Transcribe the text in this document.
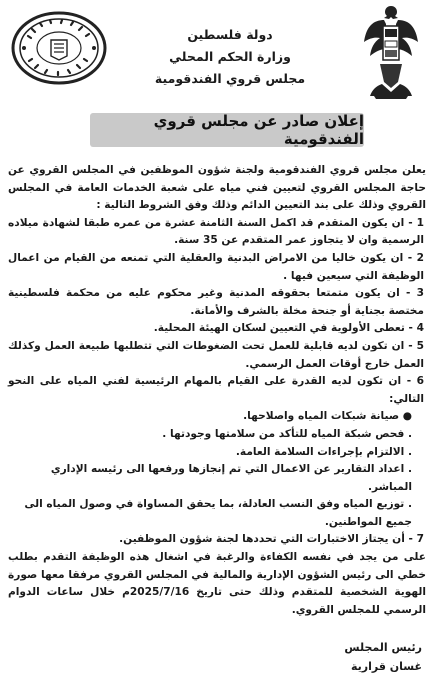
دولة فلسطين
وزارة الحكم المحلي
مجلس قروي الفندقومية
إعلان صادر عن مجلس قروي الفندقومية
يعلن مجلس قروي الفندقومية ولجنة شؤون الموظفين في المجلس القروي عن حاجة المجلس القروي لتعيين فني مياه على شعبة الخدمات العامة في المجلس القروي وذلك على بند التعيين الدائم وذلك وفق الشروط التالية :
1 - ان يكون المتقدم قد اكمل السنة الثامنة عشرة من عمره طبقا لشهادة ميلاده الرسمية وان لا يتجاوز عمر المتقدم عن 35 سنة.
2 - ان يكون خاليا من الامراض البدنية والعقلية التي تمنعه من القيام من اعمال الوظيفة التي سيعين فيها .
3 - ان يكون متمتعا بحقوقه المدنية وغير محكوم عليه من محكمة فلسطينية مختصة بجناية أو جنحة مخلة بالشرف والأمانة.
4 - تعطى الأولوية في التعيين لسكان الهيئة المحلية.
5 - ان تكون لديه قابلية للعمل تحت الضغوطات التي تتطلبها طبيعة العمل وكذلك العمل خارج أوقات العمل الرسمي.
6 - ان تكون لديه القدرة على القيام بالمهام الرئيسية لفني المياه على النحو التالي:
● صيانة شبكات المياه واصلاحها.
. فحص شبكة المياه للتأكد من سلامتها وجودتها .
. الالتزام بإجراءات السلامة العامة.
. اعداد التقارير عن الاعمال التي تم إنجازها ورفعها الى رئيسه الإداري المباشر.
. توزيع المياه وفق النسب العادلة، بما يحقق المساواة في وصول المياه الى جميع المواطنين.
7 - أن يجتاز الاختبارات التي تحددها لجنة شؤون الموظفين.
على من يجد في نفسه الكفاءة والرغبة في اشغال هذه الوظيفة التقدم بطلب خطي الى رئيس الشؤون الإدارية والمالية في المجلس القروي مرفقا معها صورة الهوية الشخصية للمتقدم وذلك حتى تاريخ 2025/7/16م خلال ساعات الدوام الرسمي للمجلس القروي.
رئيس المجلس
غسان قرارية
